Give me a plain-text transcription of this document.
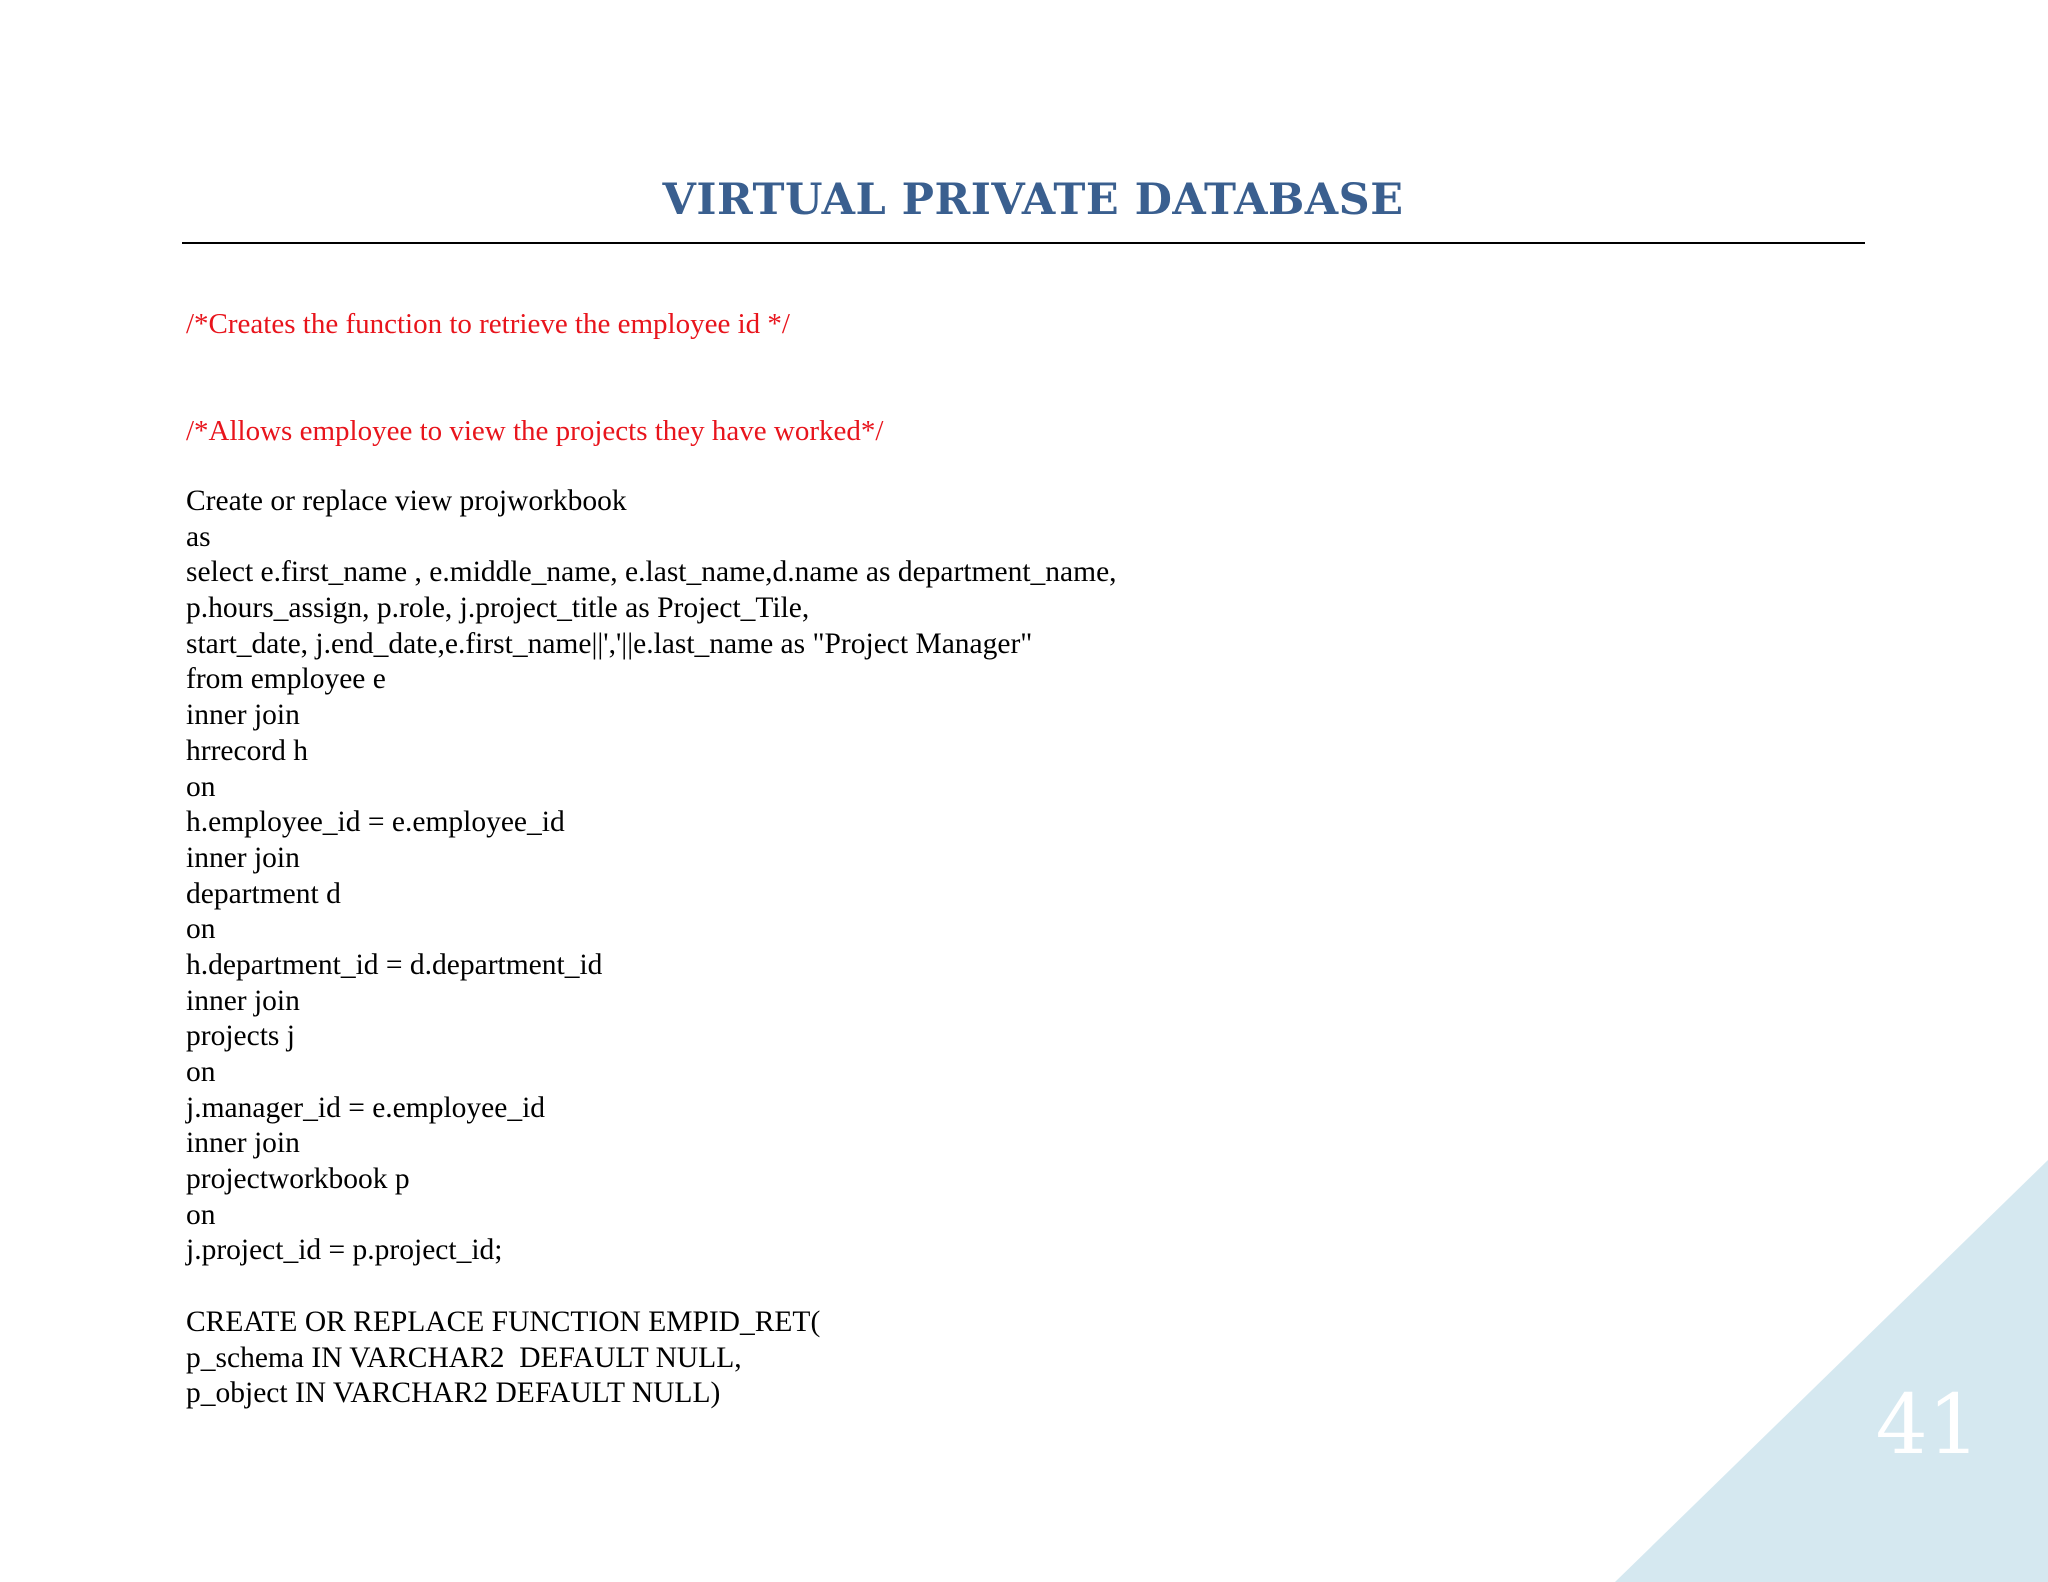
VIRTUAL PRIVATE DATABASE

/*Creates the function to retrieve the employee id */

/*Allows employee to view the projects they have worked*/

Create or replace view projworkbook
as
select e.first_name , e.middle_name, e.last_name,d.name as department_name,
p.hours_assign, p.role, j.project_title as Project_Tile,
start_date, j.end_date,e.first_name||','||e.last_name as "Project Manager"
from employee e
inner join
hrrecord h
on
h.employee_id = e.employee_id
inner join
department d
on
h.department_id = d.department_id
inner join
projects j
on
j.manager_id = e.employee_id
inner join
projectworkbook p
on
j.project_id = p.project_id;
CREATE OR REPLACE FUNCTION EMPID_RET(
p_schema IN VARCHAR2  DEFAULT NULL,
p_object IN VARCHAR2 DEFAULT NULL)	41
